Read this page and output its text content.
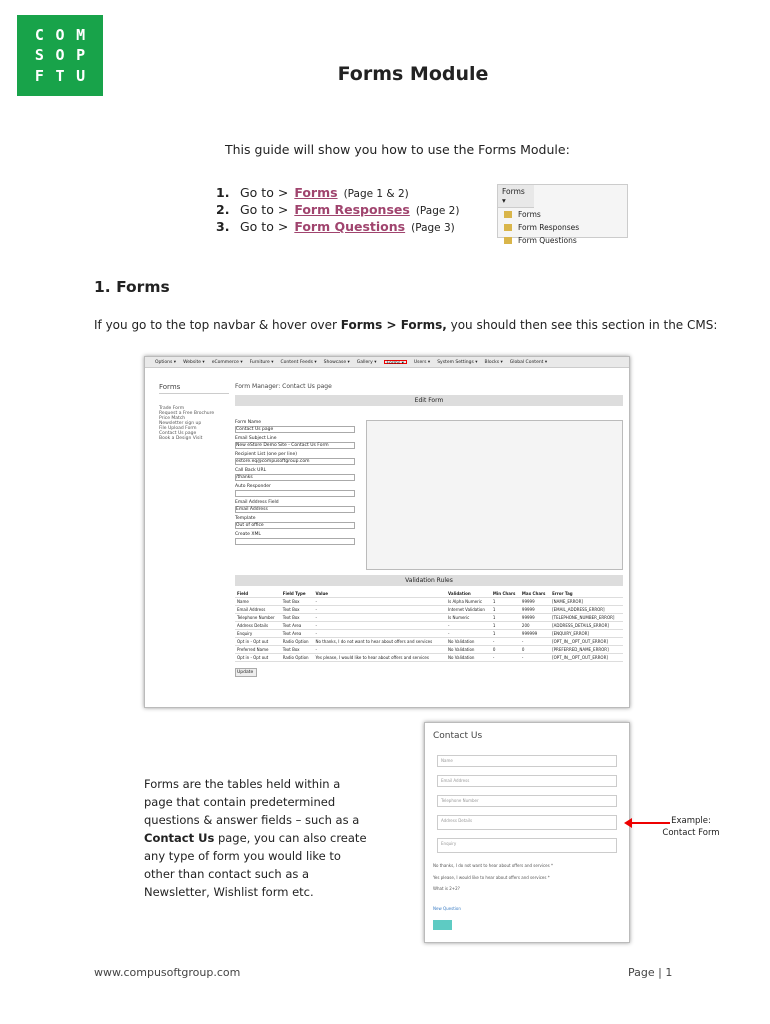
C O M
S O P
F T U	Forms Module
This guide will show you how to use the Forms Module:
1. Go to > Forms (Page 1 & 2)
2. Go to > Form Responses (Page 2)
3. Go to > Form Questions (Page 3)
Forms ▾
Forms
Form Responses
Form Questions
1. Forms
If you go to the top navbar & hover over Forms > Forms, you should then see this section in the CMS:
Options ▾ Website ▾ eCommerce ▾ Furniture ▾ Content Feeds ▾ Showcase ▾ Gallery ▾	Forms ▾	Users ▾ System Settings ▾ Blocks ▾ Global Content ▾
Forms
Trade Form
Request a Free Brochure
Price Match
Newsletter sign up
File Upload Form
Contact Us page
Book a Design Visit
Form Manager: Contact Us page
Edit Form
Form Name
Contact Us page
Email Subject Line
New eStore Demo Site - Contact Us Form
Recipient List (one per line)
estore.eq@compusoftgroup.com
Call Back URL
/thanks
Auto Responder
Email Address Field
Email Address
Template
Out of office
Create XML
Validation Rules
Field	Field Type	Value	Validation	Min Chars	Max Chars	Error Tag
Name	Text Box	-	Is Alpha Numeric	1	99999	[NAME_ERROR]
Email Address	Text Box	-	Internet Validation	1	99999	[EMAIL_ADDRESS_ERROR]
Telephone Number	Text Box	-	Is Numeric	1	99999	[TELEPHONE_NUMBER_ERROR]
Address Details	Text Area	-	-	1	200	[ADDRESS_DETAILS_ERROR]
Enquiry	Text Area	-	-	1	999999	[ENQUIRY_ERROR]
Opt in - Opt out	Radio Option	No thanks, I do not want to hear about offers and services	No Validation	-	-	[OPT_IN__OPT_OUT_ERROR]
Preferred Name	Text Box	-	No Validation	0	0	[PREFERRED_NAME_ERROR]
Opt in - Opt out	Radio Option	Yes please, I would like to hear about offers and services	No Validation	-	-	[OPT_IN__OPT_OUT_ERROR]
Update
Forms are the tables held within a page that contain predetermined questions & answer fields – such as a Contact Us page, you can also create any type of form you would like to other than contact such as a Newsletter, Wishlist form etc.
Contact Us
Name
Email Address
Telephone Number
Address Details
Enquiry
No thanks, I do not want to hear about offers and services *
Yes please, I would like to hear about offers and services *
What is 2+2?
New Question
Example: Contact Form
www.compusoftgroup.com	Page | 1
